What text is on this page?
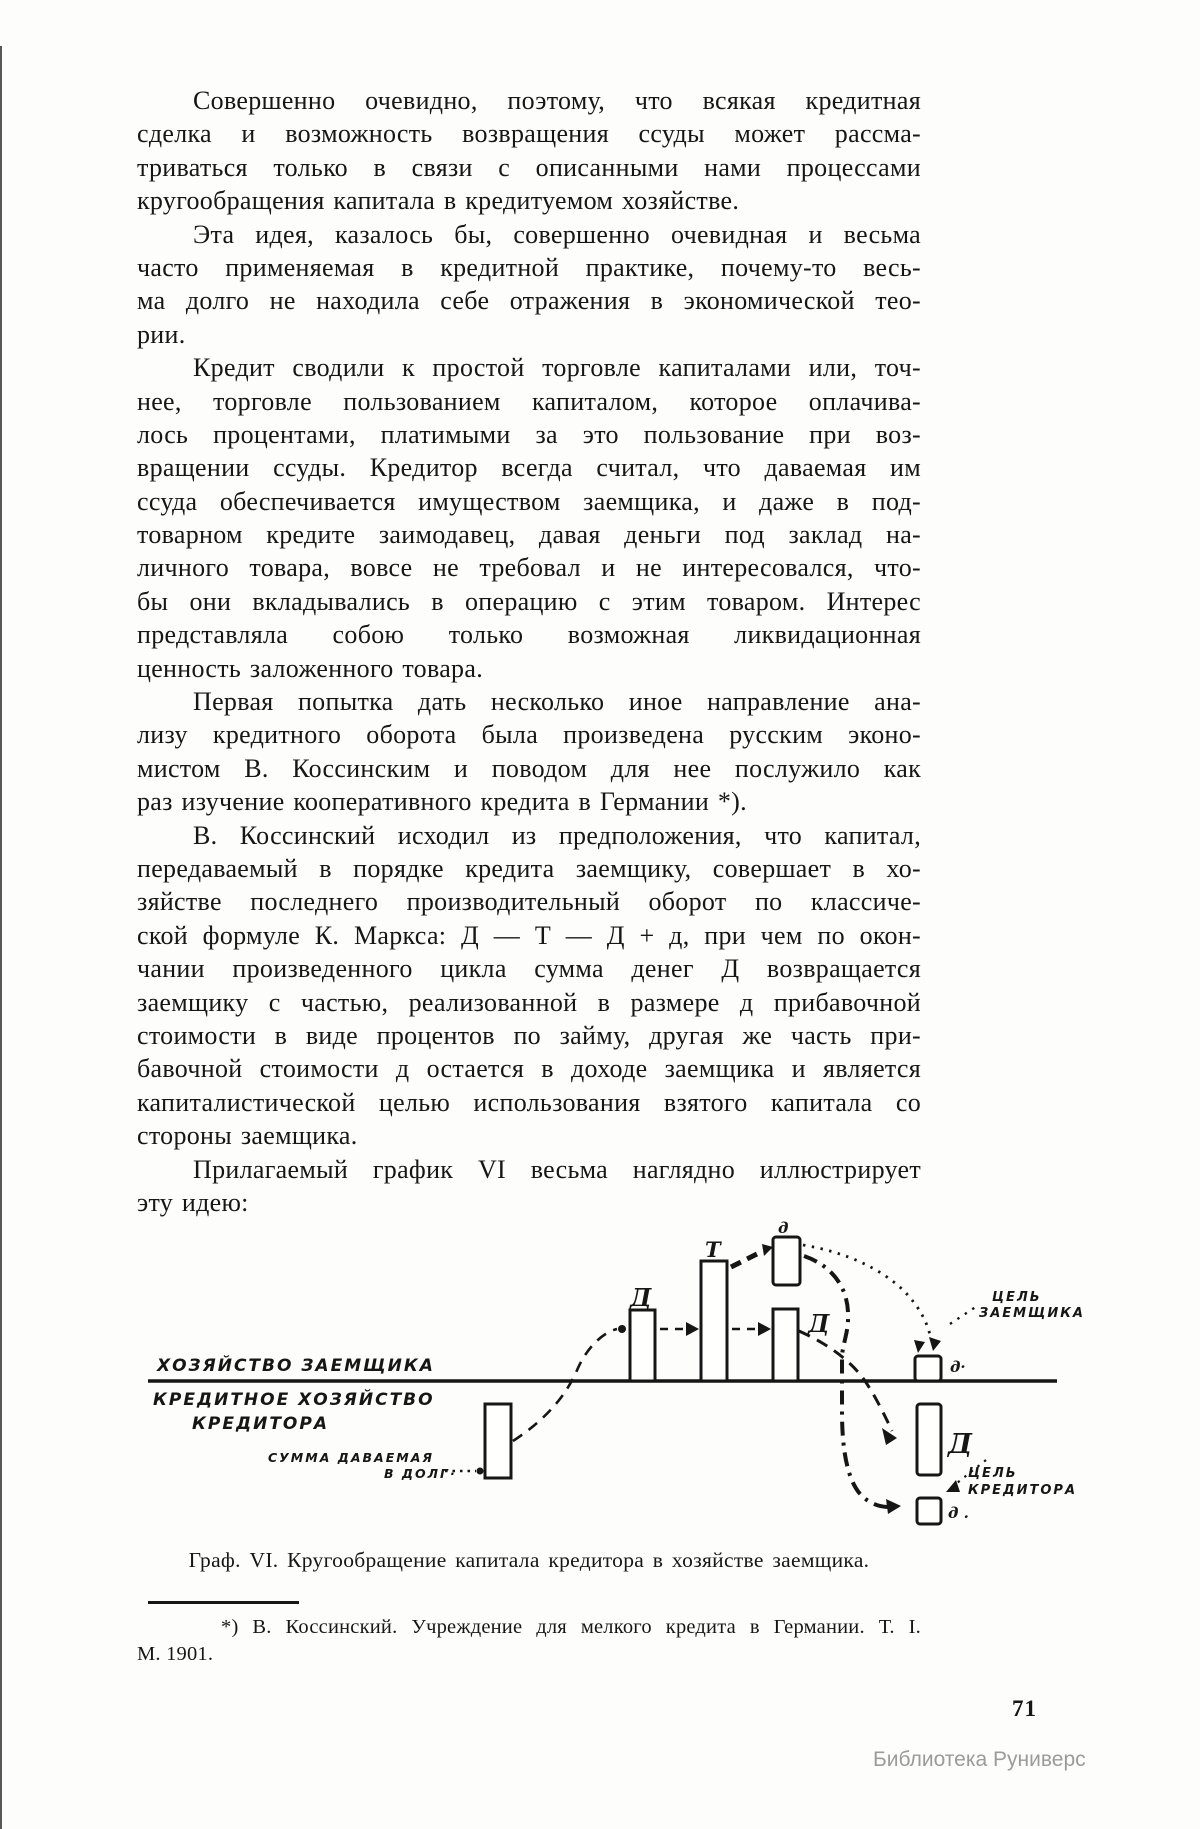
Совершенно очевидно, поэтому, что всякая кредитная
сделка и возможность возвращения ссуды может рассма-
триваться только в связи с описанными нами процессами
кругообращения капитала в кредитуемом хозяйстве.
Эта идея, казалось бы, совершенно очевидная и весьма
часто применяемая в кредитной практике, почему-то весь-
ма долго не находила себе отражения в экономической тео-
рии.
Кредит сводили к простой торговле капиталами или, точ-
нее, торговле пользованием капиталом, которое оплачива-
лось процентами, платимыми за это пользование при воз-
вращении ссуды. Кредитор всегда считал, что даваемая им
ссуда обеспечивается имуществом заемщика, и даже в под-
товарном кредите заимодавец, давая деньги под заклад на-
личного товара, вовсе не требовал и не интересовался, что-
бы они вкладывались в операцию с этим товаром. Интерес
представляла собою только возможная ликвидационная
ценность заложенного товара.
Первая попытка дать несколько иное направление ана-
лизу кредитного оборота была произведена русским эконо-
мистом В. Коссинским и поводом для нее послужило как
раз изучение кооперативного кредита в Германии *).
В. Коссинский исходил из предположения, что капитал,
передаваемый в порядке кредита заемщику, совершает в хо-
зяйстве последнего производительный оборот по классиче-
ской формуле К. Маркса: Д — Т — Д + д, при чем по окон-
чании произведенного цикла сумма денег Д возвращается
заемщику с частью, реализованной в размере д прибавочной
стоимости в виде процентов по займу, другая же часть при-
бавочной стоимости д остается в доходе заемщика и является
капиталистической целью использования взятого капитала со
стороны заемщика.
Прилагаемый график VI весьма наглядно иллюстрирует
эту идею:
ХОЗЯЙСТВО ЗАЕМЩИКА
КРЕДИТНОЕ ХОЗЯЙСТВО
КРЕДИТОРА
СУММА ДАВАЕМАЯ
В ДОЛГ·
ЦЕЛЬ
ЗАЕМЩИКА
ЦЕЛЬ
КРЕДИТОРА
Д
Т
д
Д
д·
Д
д .
Граф. VI. Кругообращение капитала кредитора в хозяйстве заемщика.
*) В. Коссинский. Учреждение для мелкого кредита в Германии. Т. I.
М. 1901.
71
Библиотека Руниверс
